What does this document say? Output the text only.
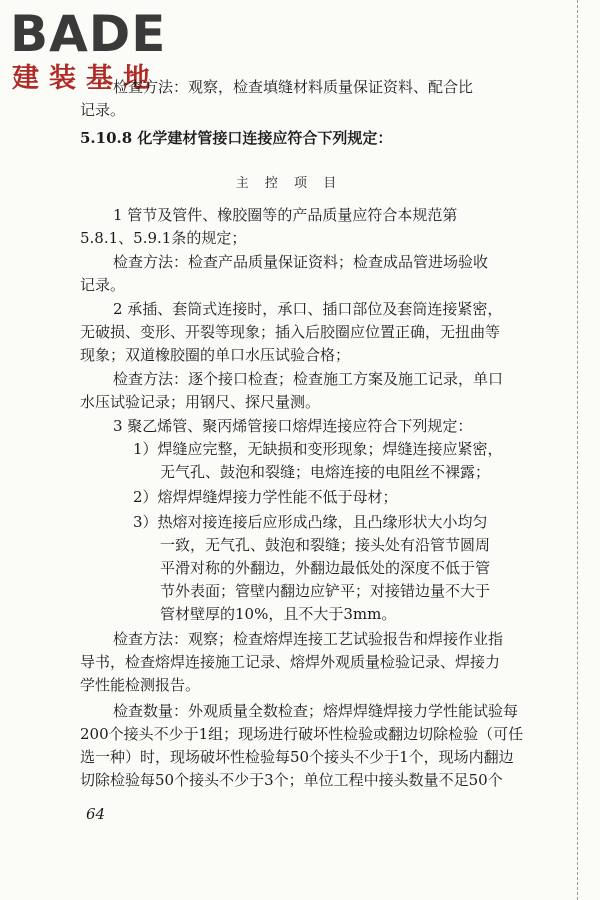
BADE
建装基地
检查方法：观察，检查填缝材料质量保证资料、配合比
记录。
5.10.8 化学建材管接口连接应符合下列规定：
主 控 项 目
1 管节及管件、橡胶圈等的产品质量应符合本规范第
5.8.1、5.9.1条的规定；
检查方法：检查产品质量保证资料；检查成品管进场验收
记录。
2 承插、套筒式连接时，承口、插口部位及套筒连接紧密，
无破损、变形、开裂等现象；插入后胶圈应位置正确，无扭曲等
现象；双道橡胶圈的单口水压试验合格；
检查方法：逐个接口检查；检查施工方案及施工记录，单口
水压试验记录；用钢尺、探尺量测。
3 聚乙烯管、聚丙烯管接口熔焊连接应符合下列规定：
1）焊缝应完整，无缺损和变形现象；焊缝连接应紧密，
无气孔、鼓泡和裂缝；电熔连接的电阻丝不裸露；
2）熔焊焊缝焊接力学性能不低于母材；
3）热熔对接连接后应形成凸缘，且凸缘形状大小均匀
一致，无气孔、鼓泡和裂缝；接头处有沿管节圆周
平滑对称的外翻边，外翻边最低处的深度不低于管
节外表面；管壁内翻边应铲平；对接错边量不大于
管材壁厚的10%，且不大于3mm。
检查方法：观察；检查熔焊连接工艺试验报告和焊接作业指
导书，检查熔焊连接施工记录、熔焊外观质量检验记录、焊接力
学性能检测报告。
检查数量：外观质量全数检查；熔焊焊缝焊接力学性能试验每
200个接头不少于1组；现场进行破坏性检验或翻边切除检验（可任
选一种）时，现场破坏性检验每50个接头不少于1个，现场内翻边
切除检验每50个接头不少于3个；单位工程中接头数量不足50个
64
